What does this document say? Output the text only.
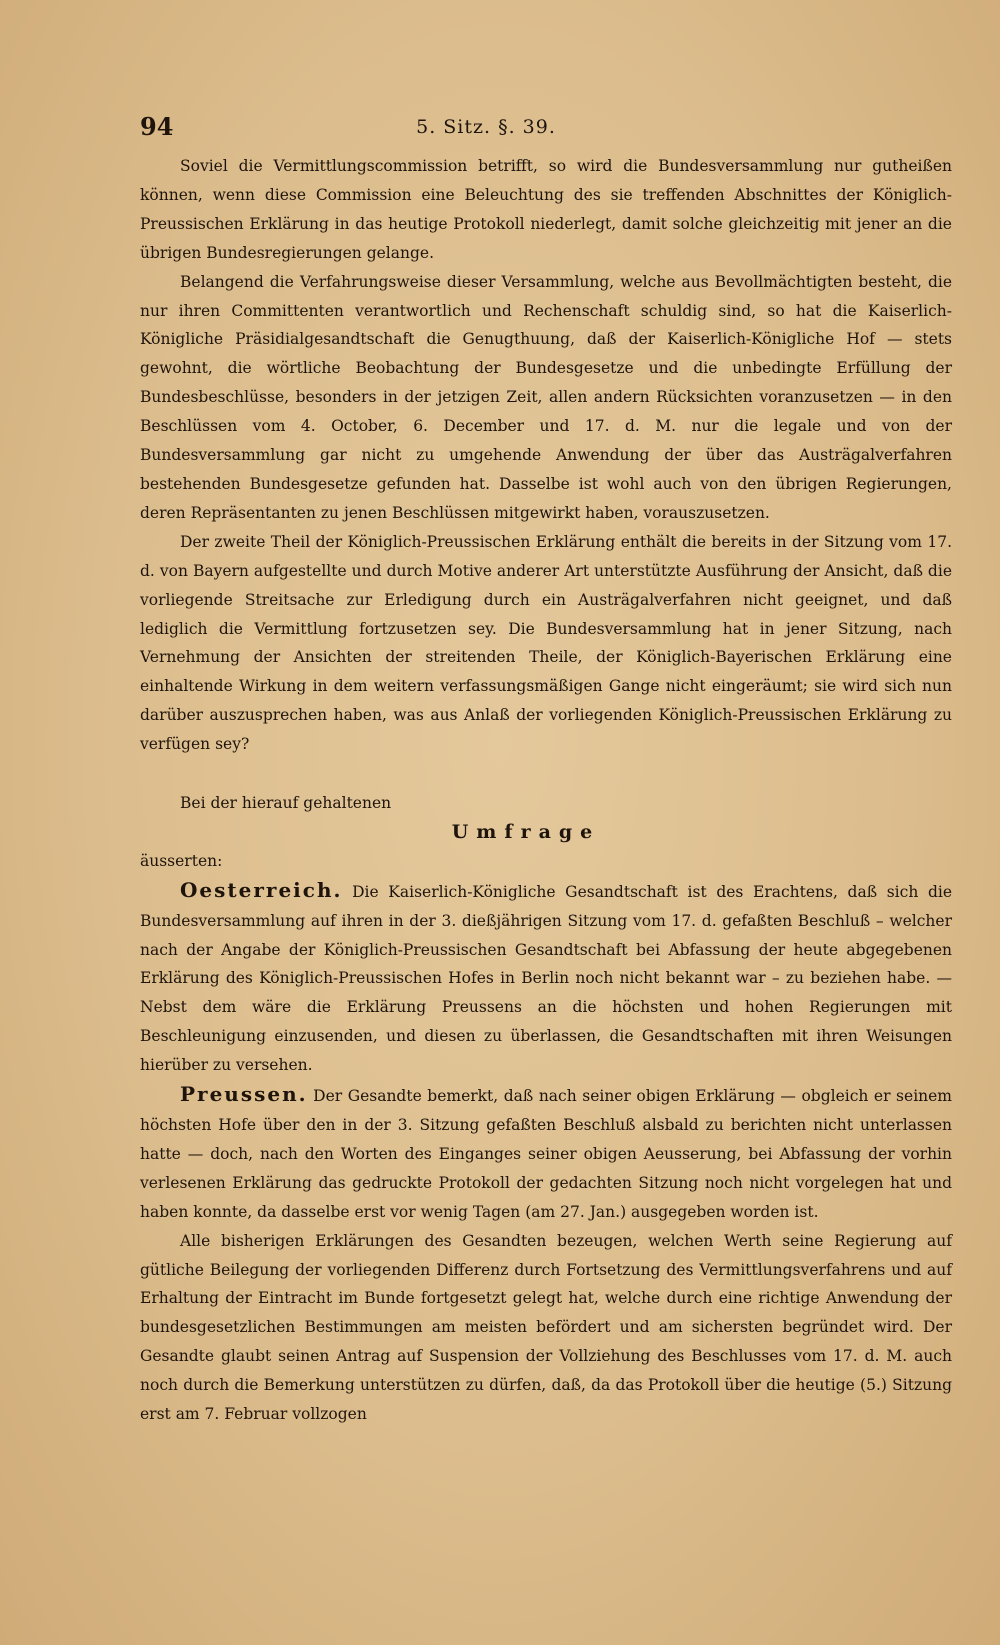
94	5. Sitz. §. 39.

Soviel die Vermittlungscommission betrifft, so wird die Bundesversammlung nur gutheißen können, wenn diese Commission eine Beleuchtung des sie treffenden Abschnittes der Königlich-Preussischen Erklärung in das heutige Protokoll niederlegt, damit solche gleichzeitig mit jener an die übrigen Bundesregierungen gelange.

Belangend die Verfahrungsweise dieser Versammlung, welche aus Bevollmächtigten besteht, die nur ihren Committenten verantwortlich und Rechenschaft schuldig sind, so hat die Kaiserlich-Königliche Präsidialgesandtschaft die Genugthuung, daß der Kaiserlich-Königliche Hof — stets gewohnt, die wörtliche Beobachtung der Bundesgesetze und die unbedingte Erfüllung der Bundesbeschlüsse, besonders in der jetzigen Zeit, allen andern Rücksichten voranzusetzen — in den Beschlüssen vom 4. October, 6. December und 17. d. M. nur die legale und von der Bundesversammlung gar nicht zu umgehende Anwendung der über das Austrägalverfahren bestehenden Bundesgesetze gefunden hat. Dasselbe ist wohl auch von den übrigen Regierungen, deren Repräsentanten zu jenen Beschlüssen mitgewirkt haben, vorauszusetzen.

Der zweite Theil der Königlich-Preussischen Erklärung enthält die bereits in der Sitzung vom 17. d. von Bayern aufgestellte und durch Motive anderer Art unterstützte Ausführung der Ansicht, daß die vorliegende Streitsache zur Erledigung durch ein Austrägalverfahren nicht geeignet, und daß lediglich die Vermittlung fortzusetzen sey. Die Bundesversammlung hat in jener Sitzung, nach Vernehmung der Ansichten der streitenden Theile, der Königlich-Bayerischen Erklärung eine einhaltende Wirkung in dem weitern verfassungsmäßigen Gange nicht eingeräumt; sie wird sich nun darüber auszusprechen haben, was aus Anlaß der vorliegenden Königlich-Preussischen Erklärung zu verfügen sey?

Bei der hierauf gehaltenen

Umfrage

äusserten:

Oesterreich. Die Kaiserlich-Königliche Gesandtschaft ist des Erachtens, daß sich die Bundesversammlung auf ihren in der 3. dießjährigen Sitzung vom 17. d. gefaßten Beschluß – welcher nach der Angabe der Königlich-Preussischen Gesandtschaft bei Abfassung der heute abgegebenen Erklärung des Königlich-Preussischen Hofes in Berlin noch nicht bekannt war – zu beziehen habe. — Nebst dem wäre die Erklärung Preussens an die höchsten und hohen Regierungen mit Beschleunigung einzusenden, und diesen zu überlassen, die Gesandtschaften mit ihren Weisungen hierüber zu versehen.

Preussen. Der Gesandte bemerkt, daß nach seiner obigen Erklärung — obgleich er seinem höchsten Hofe über den in der 3. Sitzung gefaßten Beschluß alsbald zu berichten nicht unterlassen hatte — doch, nach den Worten des Einganges seiner obigen Aeusserung, bei Abfassung der vorhin verlesenen Erklärung das gedruckte Protokoll der gedachten Sitzung noch nicht vorgelegen hat und haben konnte, da dasselbe erst vor wenig Tagen (am 27. Jan.) ausgegeben worden ist.

Alle bisherigen Erklärungen des Gesandten bezeugen, welchen Werth seine Regierung auf gütliche Beilegung der vorliegenden Differenz durch Fortsetzung des Vermittlungsverfahrens und auf Erhaltung der Eintracht im Bunde fortgesetzt gelegt hat, welche durch eine richtige Anwendung der bundesgesetzlichen Bestimmungen am meisten befördert und am sichersten begründet wird. Der Gesandte glaubt seinen Antrag auf Suspension der Vollziehung des Beschlusses vom 17. d. M. auch noch durch die Bemerkung unterstützen zu dürfen, daß, da das Protokoll über die heutige (5.) Sitzung erst am 7. Februar vollzogen
